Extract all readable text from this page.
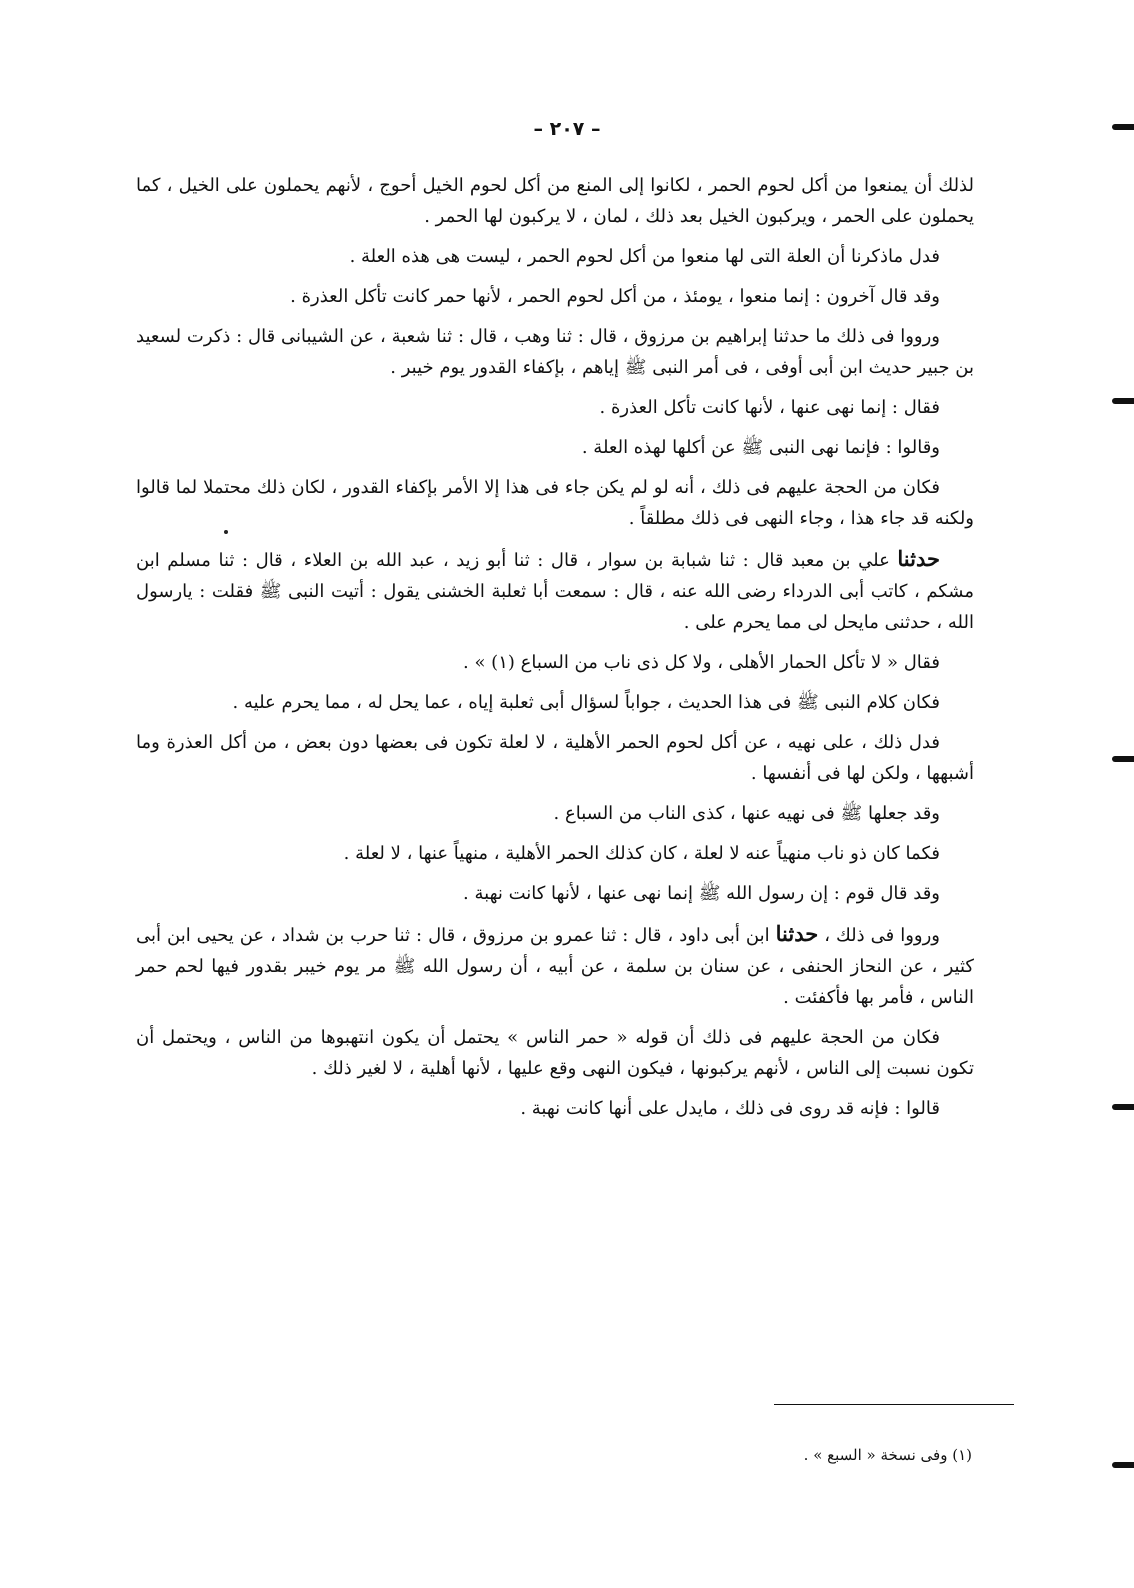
– ٢٠٧ –

لذلك أن يمنعوا من أكل لحوم الحمر ، لكانوا إلى المنع من أكل لحوم الخيل أحوج ، لأنهم يحملون على الخيل ، كما يحملون على الحمر ، ويركبون الخيل بعد ذلك ، لمان ، لا يركبون لها الحمر .

فدل ماذكرنا أن العلة التى لها منعوا من أكل لحوم الحمر ، ليست هى هذه العلة .

وقد قال آخرون : إنما منعوا ، يومئذ ، من أكل لحوم الحمر ، لأنها حمر كانت تأكل العذرة .

ورووا فى ذلك ما حدثنا إبراهيم بن مرزوق ، قال : ثنا وهب ، قال : ثنا شعبة ، عن الشيبانى قال : ذكرت لسعيد بن جبير حديث ابن أبى أوفى ، فى أمر النبى ﷺ إياهم ، بإكفاء القدور يوم خيبر .

فقال : إنما نهى عنها ، لأنها كانت تأكل العذرة .

وقالوا : فإنما نهى النبى ﷺ عن أكلها لهذه العلة .

فكان من الحجة عليهم فى ذلك ، أنه لو لم يكن جاء فى هذا إلا الأمر بإكفاء القدور ، لكان ذلك محتملا لما قالوا ولكنه قد جاء هذا ، وجاء النهى فى ذلك مطلقاً .

حدثنا علي بن معبد قال : ثنا شبابة بن سوار ، قال : ثنا أبو زيد ، عبد الله بن العلاء ، قال : ثنا مسلم ابن مشكم ، كاتب أبى الدرداء رضى الله عنه ، قال : سمعت أبا ثعلبة الخشنى يقول : أتيت النبى ﷺ فقلت : يارسول الله ، حدثنى مايحل لى مما يحرم على .

فقال « لا تأكل الحمار الأهلى ، ولا كل ذى ناب من السباع (١) » .

فكان كلام النبى ﷺ فى هذا الحديث ، جواباً لسؤال أبى ثعلبة إياه ، عما يحل له ، مما يحرم عليه .

فدل ذلك ، على نهيه ، عن أكل لحوم الحمر الأهلية ، لا لعلة تكون فى بعضها دون بعض ، من أكل العذرة وما أشبهها ، ولكن لها فى أنفسها .

وقد جعلها ﷺ فى نهيه عنها ، كذى الناب من السباع .

فكما كان ذو ناب منهياً عنه لا لعلة ، كان كذلك الحمر الأهلية ، منهياً عنها ، لا لعلة .

وقد قال قوم : إن رسول الله ﷺ إنما نهى عنها ، لأنها كانت نهبة .

ورووا فى ذلك ، حدثنا ابن أبى داود ، قال : ثنا عمرو بن مرزوق ، قال : ثنا حرب بن شداد ، عن يحيى ابن أبى كثير ، عن النحاز الحنفى ، عن سنان بن سلمة ، عن أبيه ، أن رسول الله ﷺ مر يوم خيبر بقدور فيها لحم حمر الناس ، فأمر بها فأكفئت .

فكان من الحجة عليهم فى ذلك أن قوله « حمر الناس » يحتمل أن يكون انتهبوها من الناس ، ويحتمل أن تكون نسبت إلى الناس ، لأنهم يركبونها ، فيكون النهى وقع عليها ، لأنها أهلية ، لا لغير ذلك .

قالوا : فإنه قد روى فى ذلك ، مايدل على أنها كانت نهبة .

(١) وفى نسخة « السبع » .
